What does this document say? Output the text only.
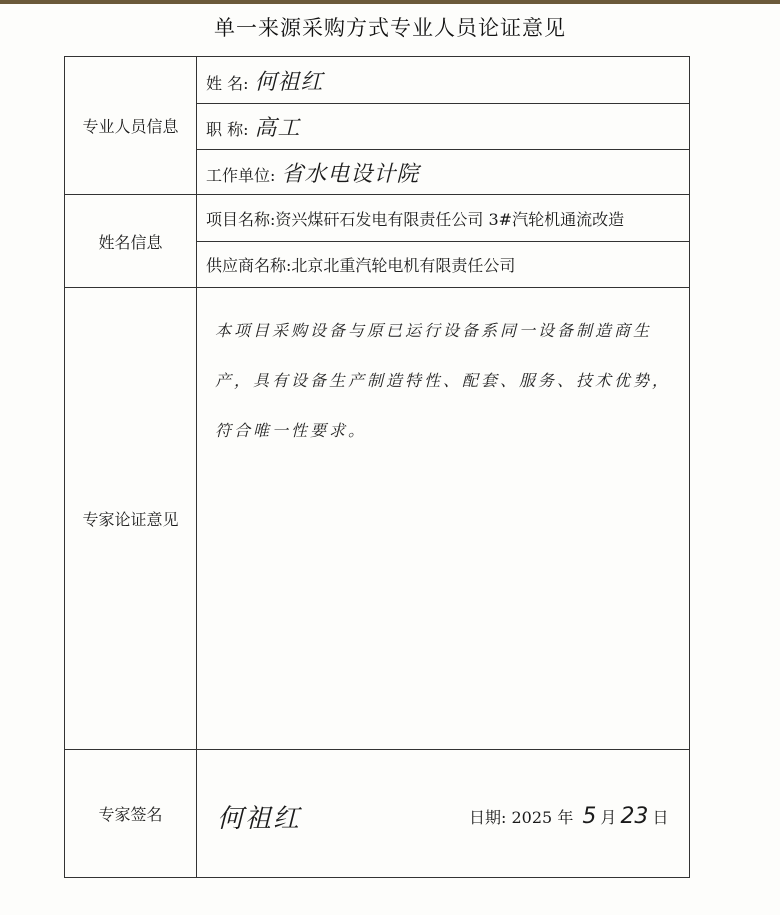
单一来源采购方式专业人员论证意见
专业人员信息	姓 名: 何祖红
	职 称: 高工
	工作单位: 省水电设计院
姓名信息	项目名称:资兴煤矸石发电有限责任公司 3#汽轮机通流改造
	供应商名称:北京北重汽轮电机有限责任公司
专家论证意见	本项目采购设备与原已运行设备系同一设备制造商生产，具有设备生产制造特性、配套、服务、技术优势，符合唯一性要求。
专家签名	何祖红 日期: 2025 年 5 月 23 日
